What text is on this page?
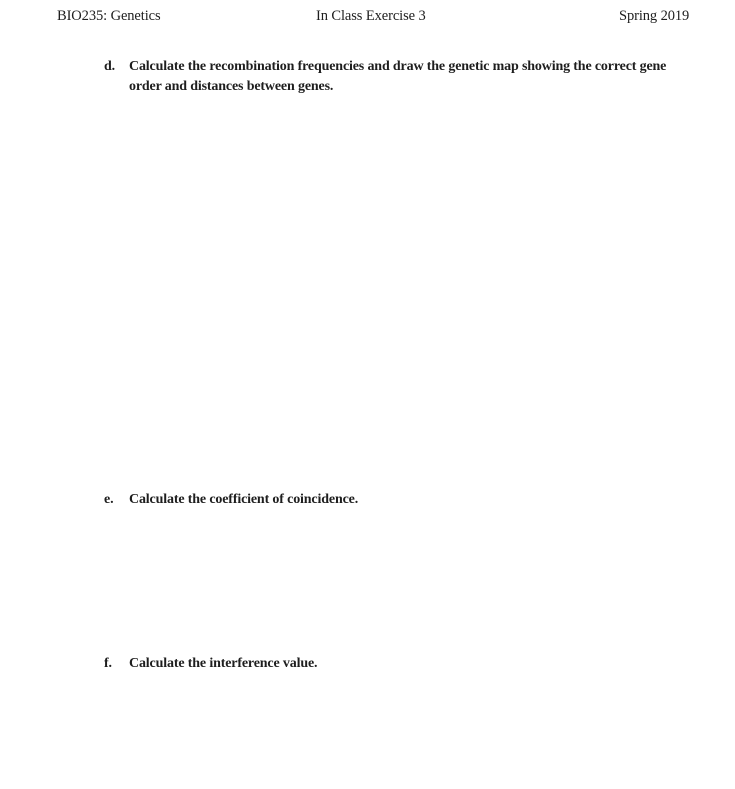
BIO235: Genetics	In Class Exercise 3	Spring 2019
d.	Calculate the recombination frequencies and draw the genetic map showing the correct gene order and distances between genes.
e.	Calculate the coefficient of coincidence.
f.	Calculate the interference value.
